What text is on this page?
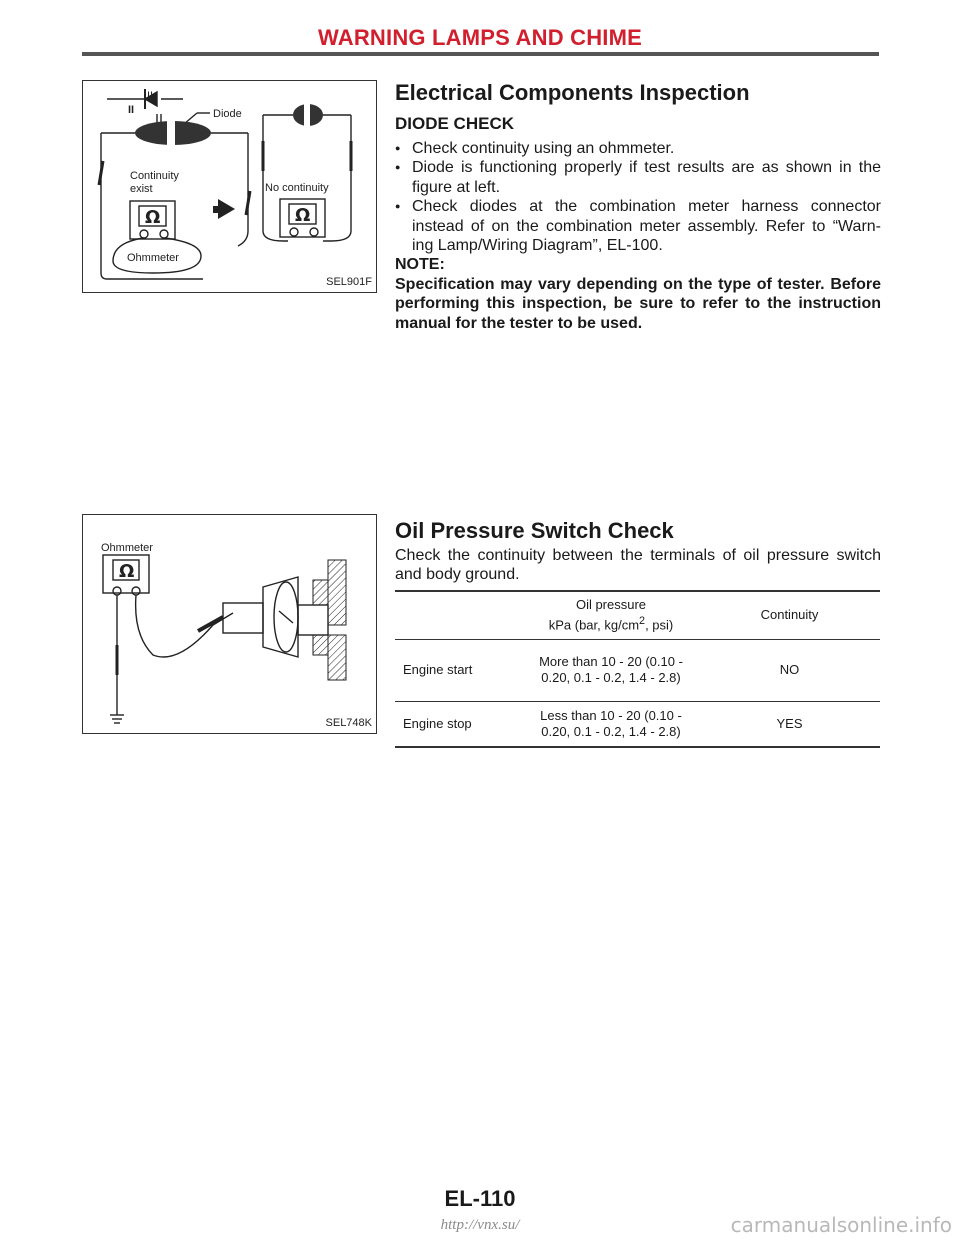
WARNING LAMPS AND CHIME
II
II	Diode
Continuity
exist	No continuity
Ohmmeter
Ω	Ω
SEL901F
Electrical Components Inspection
DIODE CHECK
● Check continuity using an ohmmeter.
● Diode is functioning properly if test results are as shown in the figure at left.
● Check diodes at the combination meter harness connector instead of on the combination meter assembly. Refer to “Warn- ing Lamp/Wiring Diagram”, EL-100.
NOTE:
Specification may vary depending on the type of tester. Before performing this inspection, be sure to refer to the instruction manual for the tester to be used.
Ohmmeter
Ω
SEL748K
Oil Pressure Switch Check
Check the continuity between the terminals of oil pressure switch and body ground.
	Oil pressure
kPa (bar, $kg/cm^2$, psi)	Continuity
Engine start	More than 10 - 20 (0.10 - 0.20, 0.1 - 0.2, 1.4 - 2.8)	NO
Engine stop	Less than 10 - 20 (0.10 - 0.20, 0.1 - 0.2, 1.4 - 2.8)	YES
EL-110
http://vnx.su/	carmanualsonline.info
